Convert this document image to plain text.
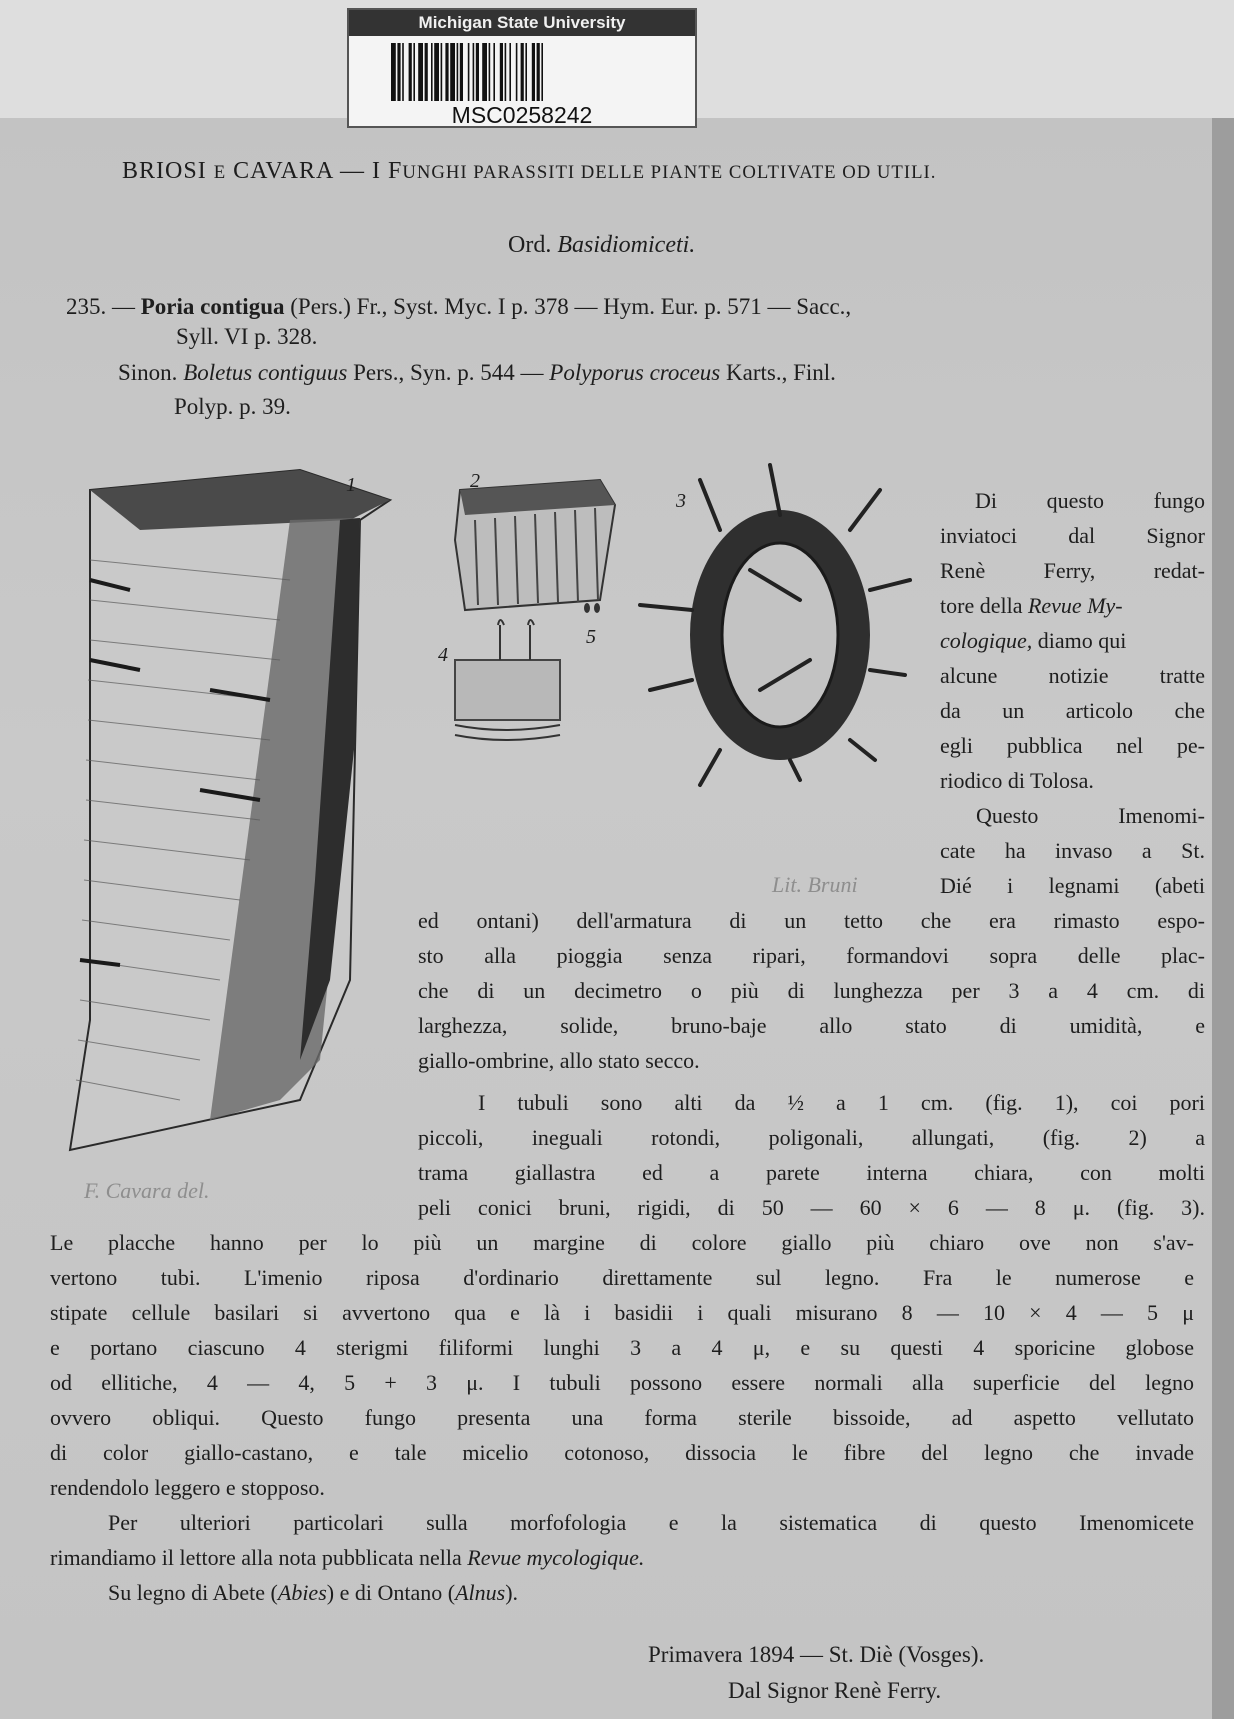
Michigan State University
MSC0258242
BRIOSI E CAVARA — I FUNGHI PARASSITI DELLE PIANTE COLTIVATE OD UTILI.
Ord. Basidiomiceti.
235. — Poria contigua (Pers.) Fr., Syst. Myc. I p. 378 — Hym. Eur. p. 571 — Sacc.,
Syll. VI p. 328.
Sinon. Boletus contiguus Pers., Syn. p. 544 — Polyporus croceus Karts., Finl.
Polyp. p. 39.
1	2
3
4
5
F. Cavara del.
Lit. Bruni
Di questo fungo
inviatoci dal Signor
Renè Ferry, redat-
tore della Revue My-
cologique, diamo qui
alcune notizie tratte
da un articolo che
egli pubblica nel pe-
riodico di Tolosa.
Questo Imenomi-
cate ha invaso a St.
Dié i legnami (abeti
ed ontani) dell'armatura di un tetto che era rimasto espo-
sto alla pioggia senza ripari, formandovi sopra delle plac-
che di un decimetro o più di lunghezza per 3 a 4 cm. di
larghezza, solide, bruno-baje allo stato di umidità, e
giallo-ombrine, allo stato secco.
I tubuli sono alti da ½ a 1 cm. (fig. 1), coi pori
piccoli, ineguali rotondi, poligonali, allungati, (fig. 2) a
trama giallastra ed a parete interna chiara, con molti
peli conici bruni, rigidi, di 50 — 60 × 6 — 8 μ. (fig. 3).
Le placche hanno per lo più un margine di colore giallo più chiaro ove non s'av-
vertono tubi. L'imenio riposa d'ordinario direttamente sul legno. Fra le numerose e
stipate cellule basilari si avvertono qua e là i basidii i quali misurano 8 — 10 × 4 — 5 μ
e portano ciascuno 4 sterigmi filiformi lunghi 3 a 4 μ, e su questi 4 sporicine globose
od ellitiche, 4 — 4, 5 + 3 μ. I tubuli possono essere normali alla superficie del legno
ovvero obliqui. Questo fungo presenta una forma sterile bissoide, ad aspetto vellutato
di color giallo-castano, e tale micelio cotonoso, dissocia le fibre del legno che invade
rendendolo leggero e stopposo.
Per ulteriori particolari sulla morfofologia e la sistematica di questo Imenomicete
rimandiamo il lettore alla nota pubblicata nella Revue mycologique.
Su legno di Abete (Abies) e di Ontano (Alnus).
Primavera 1894 — St. Diè (Vosges).
Dal Signor Renè Ferry.
